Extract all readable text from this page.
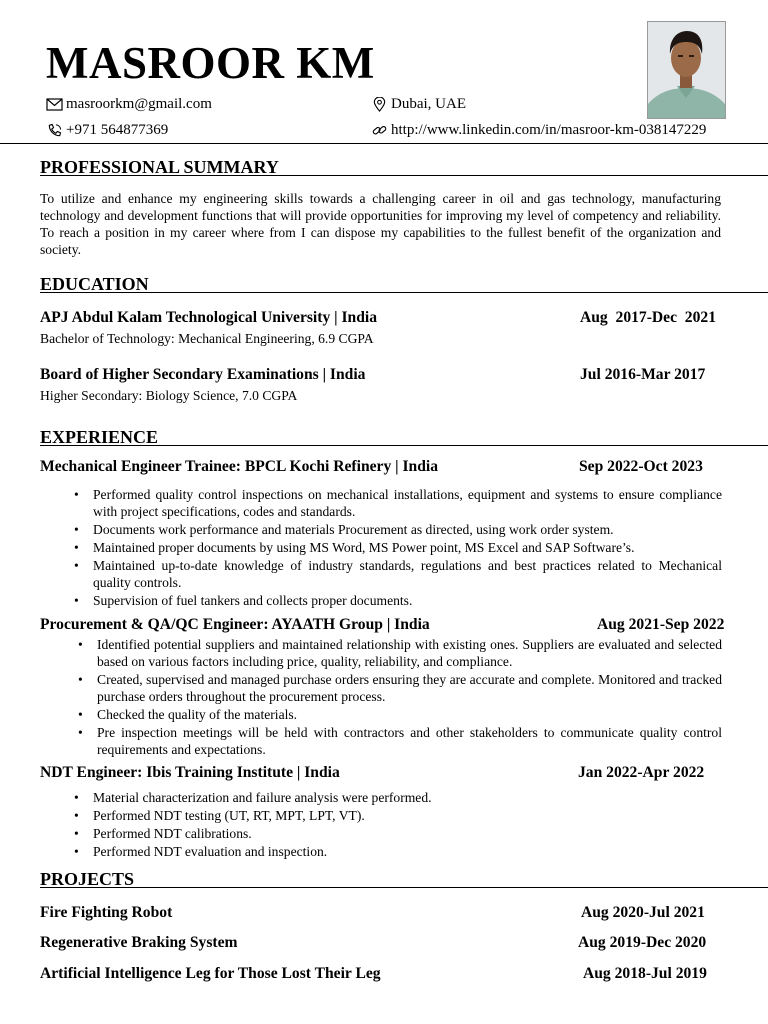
MASROOR KM
masroorkm@gmail.com	Dubai, UAE
+971 564877369	http://www.linkedin.com/in/masroor-km-038147229
PROFESSIONAL SUMMARY
To utilize and enhance my engineering skills towards a challenging career in oil and gas technology, manufacturing technology and development functions that will provide opportunities for improving my level of competency and reliability. To reach a position in my career where from I can dispose my capabilities to the fullest benefit of the organization and society.
EDUCATION
APJ Abdul Kalam Technological University | India	Aug  2017-Dec  2021
Bachelor of Technology: Mechanical Engineering, 6.9 CGPA
Board of Higher Secondary Examinations | India	Jul 2016-Mar 2017
Higher Secondary: Biology Science, 7.0 CGPA
EXPERIENCE
Mechanical Engineer Trainee: BPCL Kochi Refinery | India	Sep 2022-Oct 2023
• Performed quality control inspections on mechanical installations, equipment and systems to ensure compliance with project specifications, codes and standards.
• Documents work performance and materials Procurement as directed, using work order system.
• Maintained proper documents by using MS Word, MS Power point, MS Excel and SAP Software’s.
• Maintained up-to-date knowledge of industry standards, regulations and best practices related to Mechanical quality controls.
• Supervision of fuel tankers and collects proper documents.
Procurement & QA/QC Engineer: AYAATH Group | India	Aug 2021-Sep 2022
• Identified potential suppliers and maintained relationship with existing ones. Suppliers are evaluated and selected based on various factors including price, quality, reliability, and compliance.
• Created, supervised and managed purchase orders ensuring they are accurate and complete. Monitored and tracked purchase orders throughout the procurement process.
• Checked the quality of the materials.
• Pre inspection meetings will be held with contractors and other stakeholders to communicate quality control requirements and expectations.
NDT Engineer: Ibis Training Institute | India	Jan 2022-Apr 2022
• Material characterization and failure analysis were performed.
• Performed NDT testing (UT, RT, MPT, LPT, VT).
• Performed NDT calibrations.
• Performed NDT evaluation and inspection.
PROJECTS
Fire Fighting Robot	Aug 2020-Jul 2021
Regenerative Braking System	Aug 2019-Dec 2020
Artificial Intelligence Leg for Those Lost Their Leg	Aug 2018-Jul 2019
